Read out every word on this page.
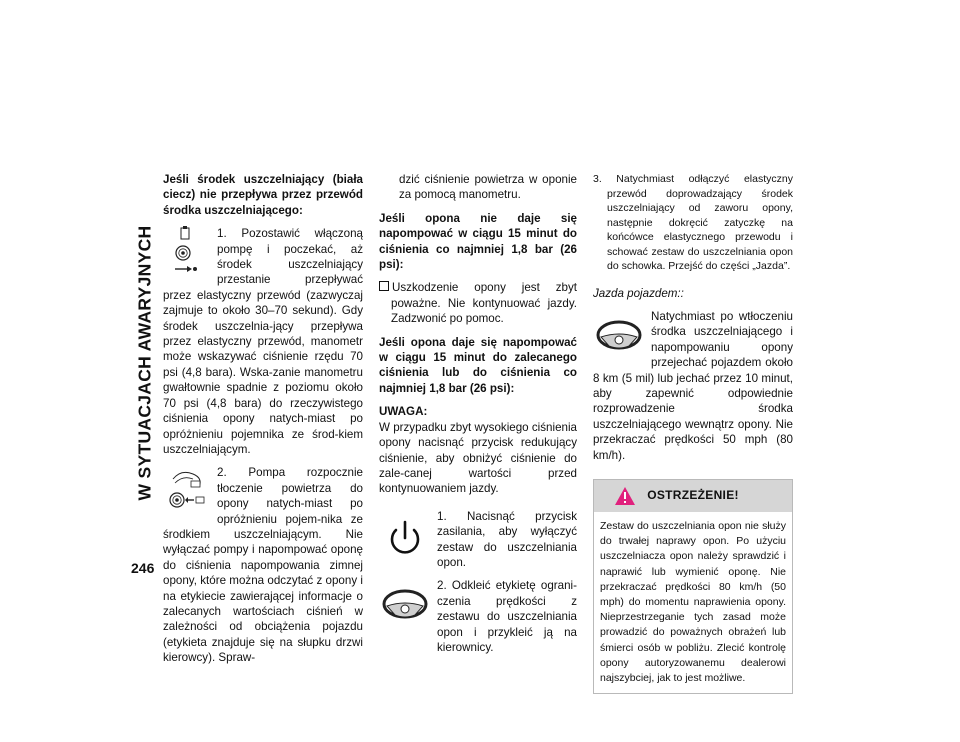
W SYTUACJACH AWARYJNYCH
246

Jeśli środek uszczelniający (biała ciecz) nie przepływa przez przewód środka uszczelniającego:

1. Pozostawić włączoną pompę i poczekać, aż środek uszczelniający przestanie przepływać przez elastyczny przewód (zazwyczaj zajmuje to około 30–70 sekund). Gdy środek uszczelnia-jący przepływa przez elastyczny przewód, manometr może wskazywać ciśnienie rzędu 70 psi (4,8 bara). Wska-zanie manometru gwałtownie spadnie z poziomu około 70 psi (4,8 bara) do rzeczywistego ciśnienia opony natych-miast po opróżnieniu pojemnika ze środ-kiem uszczelniającym.

2. Pompa rozpocznie tłoczenie powietrza do opony natych-miast po opróżnieniu pojem-nika ze środkiem uszczelniającym. Nie wyłączać pompy i napompować oponę do ciśnienia napompowania zimnej opony, które można odczytać z opony i na etykiecie zawierającej informacje o zalecanych wartościach ciśnień w zależności od obciążenia pojazdu (etykieta znajduje się na słupku drzwi kierowcy). Spraw-

dzić ciśnienie powietrza w oponie za pomocą manometru.

Jeśli opona nie daje się napompować w ciągu 15 minut do ciśnienia co najmniej 1,8 bar (26 psi):

Uszkodzenie opony jest zbyt poważne. Nie kontynuować jazdy. Zadzwonić po pomoc.

Jeśli opona daje się napompować w ciągu 15 minut do zalecanego ciśnienia lub do ciśnienia co najmniej 1,8 bar (26 psi):

UWAGA:

W przypadku zbyt wysokiego ciśnienia opony nacisnąć przycisk redukujący ciśnienie, aby obniżyć ciśnienie do zale-canej wartości przed kontynuowaniem jazdy.

1. Nacisnąć przycisk zasilania, aby wyłączyć zestaw do uszczelniania opon.

2. Odkleić etykietę ograni-czenia prędkości z zestawu do uszczelniania opon i przykleić ją na kierownicy.

3. Natychmiast odłączyć elastyczny przewód doprowadzający środek uszczelniający od zaworu opony, następnie dokręcić zatyczkę na końcówce elastycznego przewodu i schować zestaw do uszczelniania opon do schowka. Przejść do części „Jazda”.

Jazda pojazdem::

Natychmiast po wtłoczeniu środka uszczelniającego i napompowaniu opony przejechać pojazdem około 8 km (5 mil) lub jechać przez 10 minut, aby zapewnić odpowiednie rozprowadzenie środka uszczelniającego wewnątrz opony. Nie przekraczać prędkości 50 mph (80 km/h).

OSTRZEŻENIE!
Zestaw do uszczelniania opon nie służy do trwałej naprawy opon. Po użyciu uszczelniacza opon należy sprawdzić i naprawić lub wymienić oponę. Nie przekraczać prędkości 80 km/h (50 mph) do momentu naprawienia opony. Nieprzestrzeganie tych zasad może prowadzić do poważnych obrażeń lub śmierci osób w pobliżu. Zlecić kontrolę opony autoryzowanemu dealerowi najszybciej, jak to jest możliwe.
